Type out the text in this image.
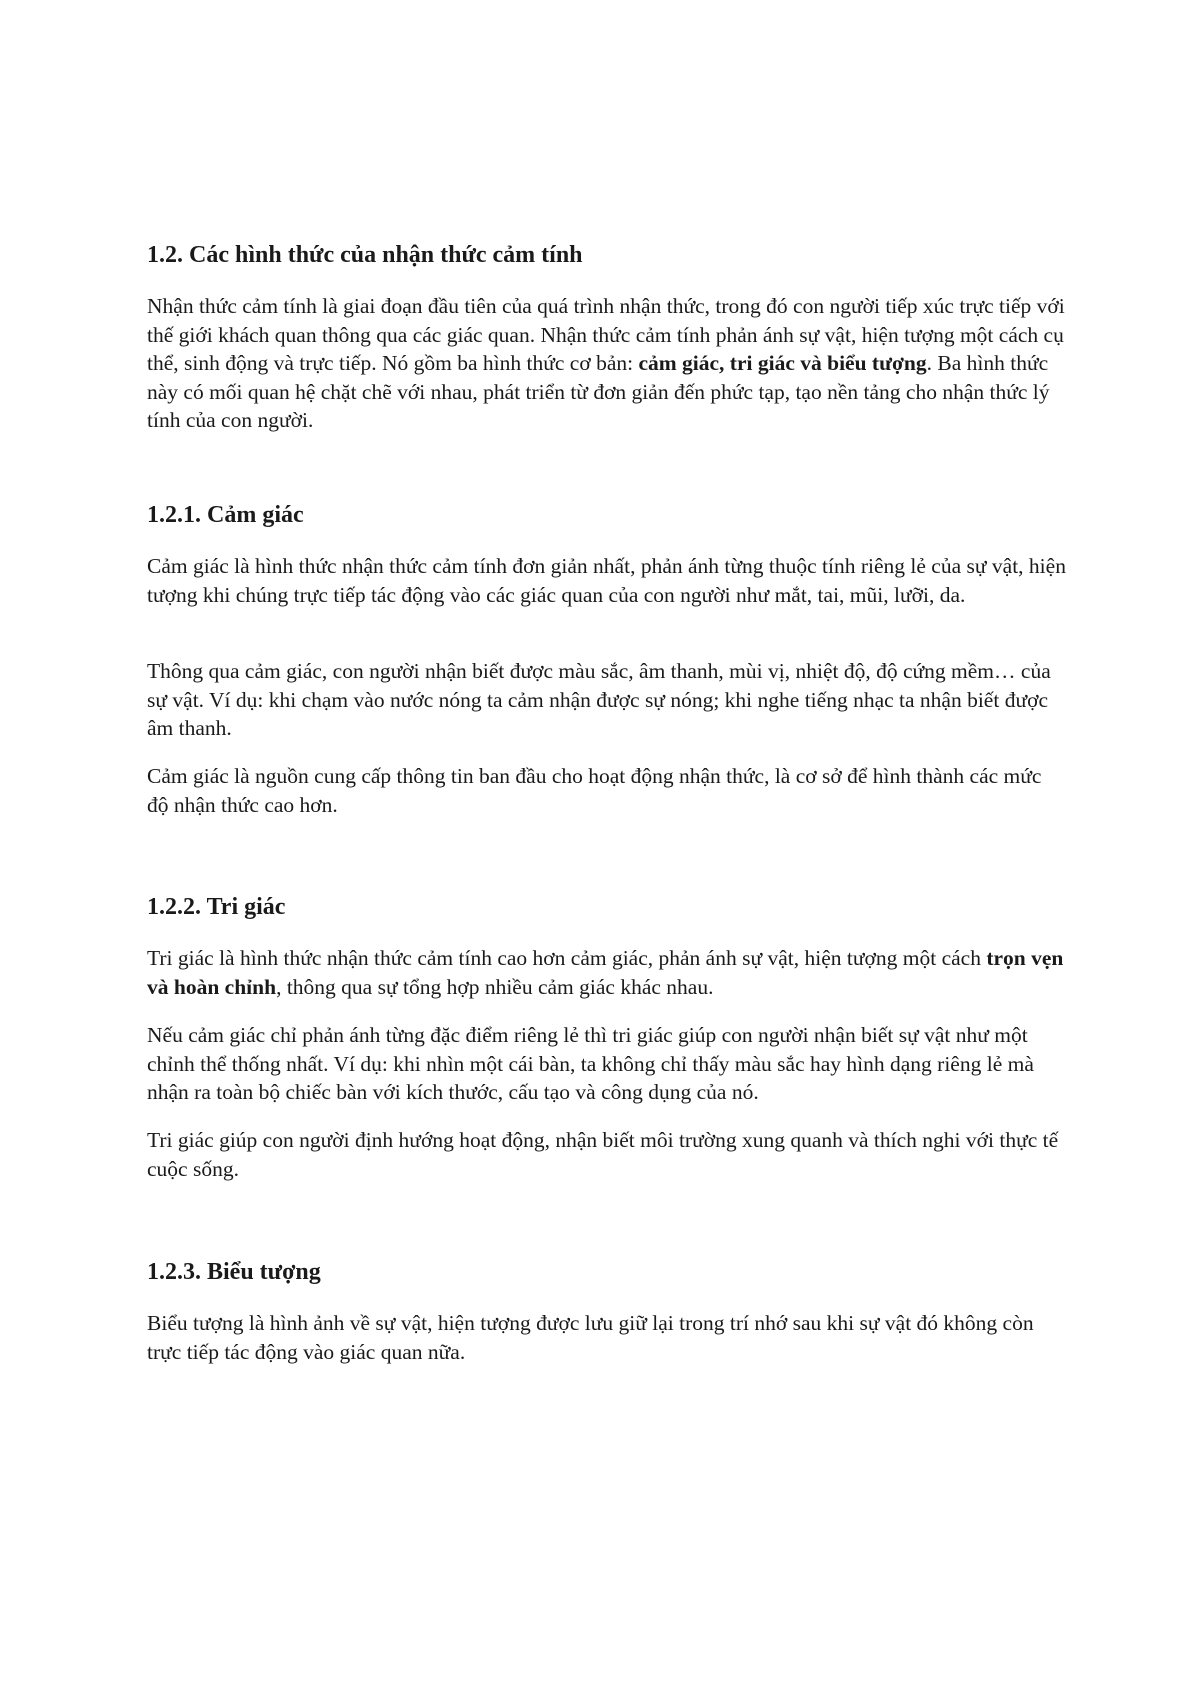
1.2. Các hình thức của nhận thức cảm tính

Nhận thức cảm tính là giai đoạn đầu tiên của quá trình nhận thức, trong đó con người tiếp xúc trực tiếp với thế giới khách quan thông qua các giác quan. Nhận thức cảm tính phản ánh sự vật, hiện tượng một cách cụ thể, sinh động và trực tiếp. Nó gồm ba hình thức cơ bản: cảm giác, tri giác và biểu tượng. Ba hình thức này có mối quan hệ chặt chẽ với nhau, phát triển từ đơn giản đến phức tạp, tạo nền tảng cho nhận thức lý tính của con người.

1.2.1. Cảm giác

Cảm giác là hình thức nhận thức cảm tính đơn giản nhất, phản ánh từng thuộc tính riêng lẻ của sự vật, hiện tượng khi chúng trực tiếp tác động vào các giác quan của con người như mắt, tai, mũi, lưỡi, da.

Thông qua cảm giác, con người nhận biết được màu sắc, âm thanh, mùi vị, nhiệt độ, độ cứng mềm… của sự vật. Ví dụ: khi chạm vào nước nóng ta cảm nhận được sự nóng; khi nghe tiếng nhạc ta nhận biết được âm thanh.

Cảm giác là nguồn cung cấp thông tin ban đầu cho hoạt động nhận thức, là cơ sở để hình thành các mức độ nhận thức cao hơn.

1.2.2. Tri giác

Tri giác là hình thức nhận thức cảm tính cao hơn cảm giác, phản ánh sự vật, hiện tượng một cách trọn vẹn và hoàn chỉnh, thông qua sự tổng hợp nhiều cảm giác khác nhau.

Nếu cảm giác chỉ phản ánh từng đặc điểm riêng lẻ thì tri giác giúp con người nhận biết sự vật như một chỉnh thể thống nhất. Ví dụ: khi nhìn một cái bàn, ta không chỉ thấy màu sắc hay hình dạng riêng lẻ mà nhận ra toàn bộ chiếc bàn với kích thước, cấu tạo và công dụng của nó.

Tri giác giúp con người định hướng hoạt động, nhận biết môi trường xung quanh và thích nghi với thực tế cuộc sống.

1.2.3. Biểu tượng

Biểu tượng là hình ảnh về sự vật, hiện tượng được lưu giữ lại trong trí nhớ sau khi sự vật đó không còn trực tiếp tác động vào giác quan nữa.
